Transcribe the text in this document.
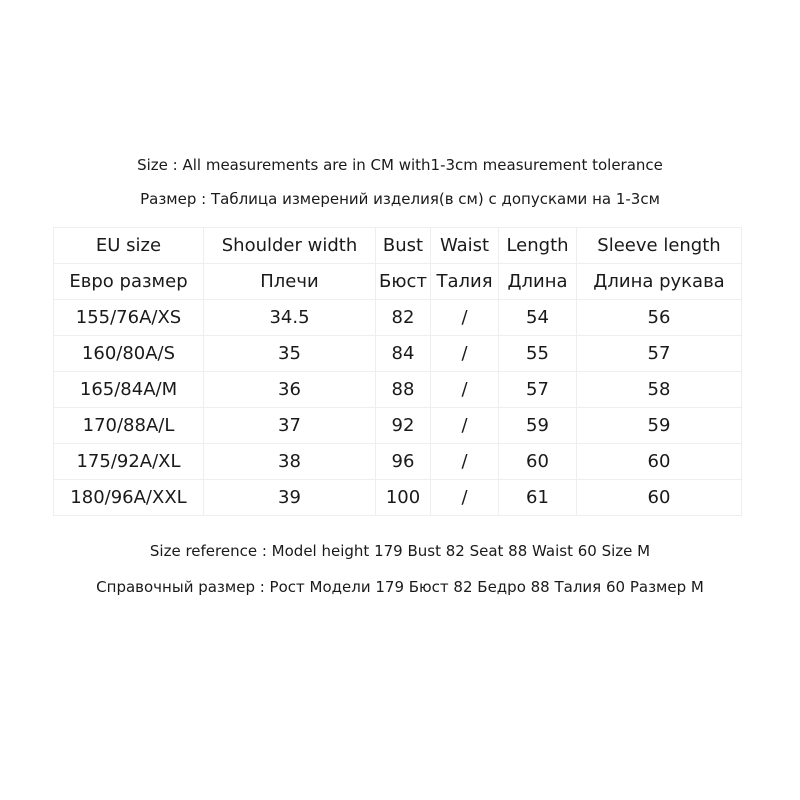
Size : All measurements are in CM with1-3cm measurement tolerance
Размер : Таблица измерений изделия(в см) с допусками на 1-3см
EU size	Shoulder width	Bust	Waist	Length	Sleeve length
Евро размер	Плечи	Бюст	Талия	Длина	Длина рукава
155/76A/XS	34.5	82	/	54	56
160/80A/S	35	84	/	55	57
165/84A/M	36	88	/	57	58
170/88A/L	37	92	/	59	59
175/92A/XL	38	96	/	60	60
180/96A/XXL	39	100	/	61	60
Size reference : Model height 179 Bust 82 Seat 88 Waist 60 Size M
Справочный размер : Рост Модели 179 Бюст 82 Бедро 88 Талия 60 Размер M
